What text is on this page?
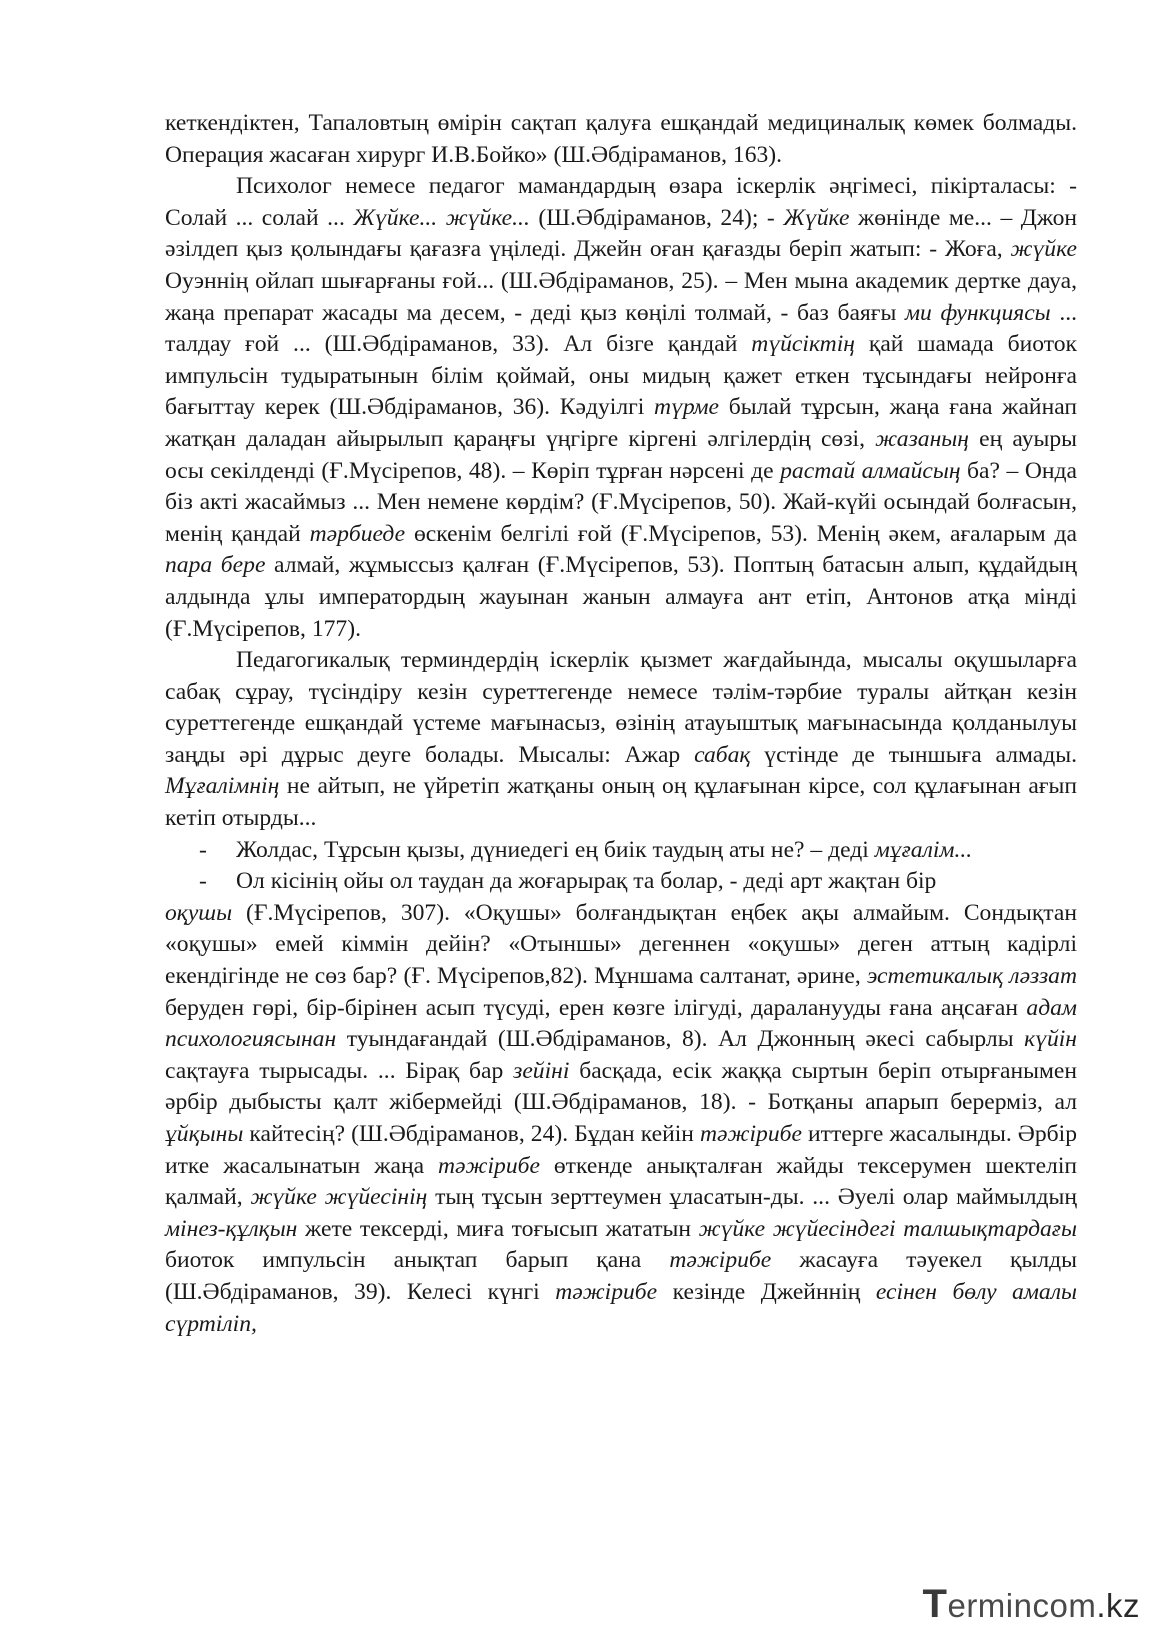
кеткендіктен, Тапаловтың өмірін сақтап қалуға ешқандай медициналық көмек болмады. Операция жасаған хирург И.В.Бойко» (Ш.Әбдіраманов, 163).

Психолог немесе педагог мамандардың өзара іскерлік әңгімесі, пікірталасы: - Солай ... солай ... Жүйке... жүйке... (Ш.Әбдіраманов, 24); - Жүйке жөнінде ме... – Джон әзілдеп қыз қолындағы қағазға үңіледі. Джейн оған қағазды беріп жатып: - Жоға, жүйке Оуэннің ойлап шығарғаны ғой... (Ш.Әбдіраманов, 25). – Мен мына академик дертке дауа, жаңа препарат жасады ма десем, - деді қыз көңілі толмай, - баз баяғы ми функциясы ... талдау ғой ... (Ш.Әбдіраманов, 33). Ал бізге қандай түйсіктің қай шамада биоток импульсін тудыратынын білім қоймай, оны мидың қажет еткен тұсындағы нейронға бағыттау керек (Ш.Әбдіраманов, 36). Кәдуілгі түрме былай тұрсын, жаңа ғана жайнап жатқан даладан айырылып қараңғы үңгірге кіргені әлгілердің сөзі, жазаның ең ауыры осы секілденді (Ғ.Мүсірепов, 48). – Көріп тұрған нәрсені де растай алмайсың ба? – Онда біз акті жасаймыз ... Мен немене көрдім? (Ғ.Мүсірепов, 50). Жай-күйі осындай болғасын, менің қандай тәрбиеде өскенім белгілі ғой (Ғ.Мүсірепов, 53). Менің әкем, ағаларым да пара бере алмай, жұмыссыз қалған (Ғ.Мүсірепов, 53). Поптың батасын алып, құдайдың алдында ұлы императордың жауынан жанын алмауға ант етіп, Антонов атқа мінді (Ғ.Мүсірепов, 177).

Педагогикалық терминдердің іскерлік қызмет жағдайында, мысалы оқушыларға сабақ сұрау, түсіндіру кезін суреттегенде немесе тәлім-тәрбие туралы айтқан кезін суреттегенде ешқандай үстеме мағынасыз, өзінің атауыштық мағынасында қолданылуы заңды әрі дұрыс деуге болады. Мысалы: Ажар сабақ үстінде де тыншыға алмады. Мұғалімнің не айтып, не үйретіп жатқаны оның оң құлағынан кірсе, сол құлағынан ағып кетіп отырды...

- Жолдас, Тұрсын қызы, дүниедегі ең биік таудың аты не? – деді мұғалім...

- Ол кісінің ойы ол таудан да жоғарырақ та болар, - деді арт жақтан бір

оқушы (Ғ.Мүсірепов, 307). «Оқушы» болғандықтан еңбек ақы алмайым. Сондықтан «оқушы» емей кіммін дейін? «Отыншы» дегеннен «оқушы» деген аттың кадірлі екендігінде не сөз бар? (Ғ. Мүсірепов,82). Мұншама салтанат, әрине, эстетикалық ләззат беруден гөрі, бір-бірінен асып түсуді, ерен көзге ілігуді, дараланууды ғана аңсаған адам психологиясынан туындағандай (Ш.Әбдіраманов, 8). Ал Джонның әкесі сабырлы күйін сақтауға тырысады. ... Бірақ бар зейіні басқада, есік жаққа сыртын беріп отырғанымен әрбір дыбысты қалт жібермейді (Ш.Әбдіраманов, 18). - Ботқаны апарып берерміз, ал ұйқыны кайтесің? (Ш.Әбдіраманов, 24). Бұдан кейін тәжірибе иттерге жасалынды. Әрбір итке жасалынатын жаңа тәжірибе өткенде анықталған жайды тексерумен шектеліп қалмай, жүйке жүйесінің тың тұсын зерттеумен ұласатын-ды. ... Әуелі олар маймылдың мінез-құлқын жете тексерді, миға тоғысып жататын жүйке жүйесіндегі талшықтардағы биоток импульсін анықтап барып қана тәжірибе жасауға тәуекел қылды (Ш.Әбдіраманов, 39). Келесі күнгі тәжірибе кезінде Джейннің есінен бөлу амалы сүртіліп,

T ermincom .kz
